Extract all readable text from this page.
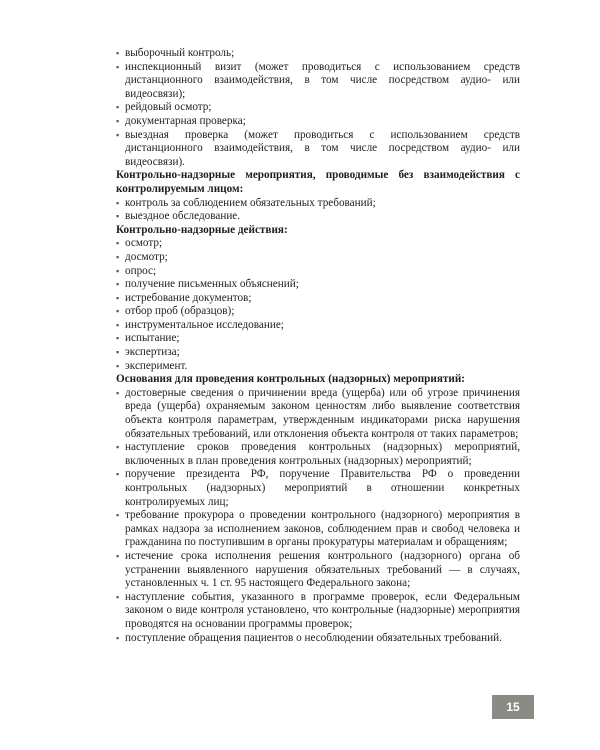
▪ выборочный контроль;
▪ инспекционный визит (может проводиться с использованием средств дистанционного взаимодействия, в том числе посредством аудио- или видеосвязи);
▪ рейдовый осмотр;
▪ документарная проверка;
▪ выездная проверка (может проводиться с использованием средств дистанционного взаимодействия, в том числе посредством аудио- или видеосвязи).

Контрольно-надзорные мероприятия, проводимые без взаимодействия с контролируемым лицом:

▪ контроль за соблюдением обязательных требований;
▪ выездное обследование.

Контрольно-надзорные действия:

▪ осмотр;
▪ досмотр;
▪ опрос;
▪ получение письменных объяснений;
▪ истребование документов;
▪ отбор проб (образцов);
▪ инструментальное исследование;
▪ испытание;
▪ экспертиза;
▪ эксперимент.

Основания для проведения контрольных (надзорных) мероприятий:

▪ достоверные сведения о причинении вреда (ущерба) или об угрозе причинения вреда (ущерба) охраняемым законом ценностям либо выявление соответствия объекта контроля параметрам, утвержденным индикаторами риска нарушения обязательных требований, или отклонения объекта контроля от таких параметров;
▪ наступление сроков проведения контрольных (надзорных) мероприятий, включенных в план проведения контрольных (надзорных) мероприятий;
▪ поручение президента РФ, поручение Правительства РФ о проведении контрольных (надзорных) мероприятий в отношении конкретных контролируемых лиц;
▪ требование прокурора о проведении контрольного (надзорного) мероприятия в рамках надзора за исполнением законов, соблюдением прав и свобод человека и гражданина по поступившим в органы прокуратуры материалам и обращениям;
▪ истечение срока исполнения решения контрольного (надзорного) органа об устранении выявленного нарушения обязательных требований — в случаях, установленных ч. 1 ст. 95 настоящего Федерального закона;
▪ наступление события, указанного в программе проверок, если Федеральным законом о виде контроля установлено, что контрольные (надзорные) мероприятия проводятся на основании программы проверок;
▪ поступление обращения пациентов о несоблюдении обязательных требований.
15
